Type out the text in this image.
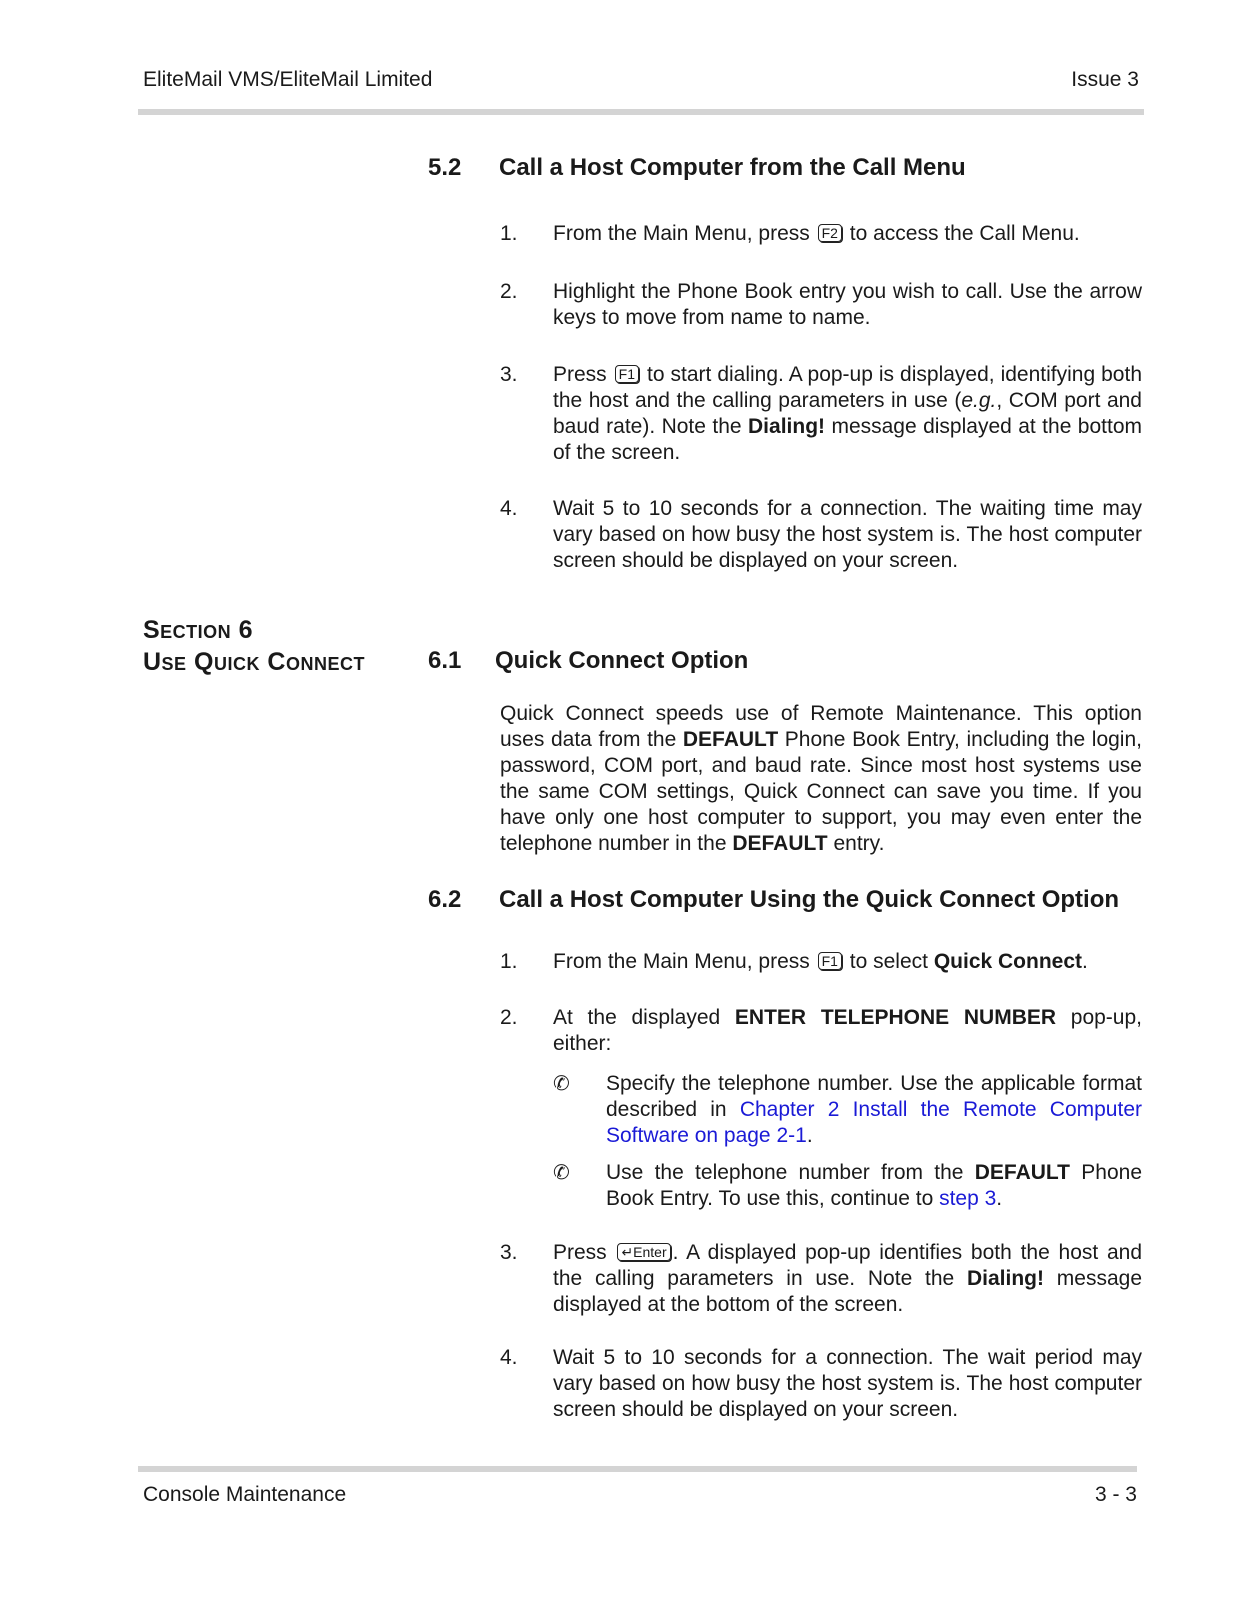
EliteMail VMS/EliteMail Limited	Issue 3
5.2 Call a Host Computer from the Call Menu
1. From the Main Menu, press F2 to access the Call Menu.
2. Highlight the Phone Book entry you wish to call. Use the arrow keys to move from name to name.
3. Press F1 to start dialing. A pop-up is displayed, identifying both the host and the calling parameters in use (e.g., COM port and baud rate). Note the Dialing! message displayed at the bottom of the screen.
4. Wait 5 to 10 seconds for a connection. The waiting time may vary based on how busy the host system is. The host computer screen should be displayed on your screen.
Section 6
Use Quick Connect	6.1 Quick Connect Option
Quick Connect speeds use of Remote Maintenance. This option uses data from the DEFAULT Phone Book Entry, including the login, password, COM port, and baud rate. Since most host systems use the same COM settings, Quick Connect can save you time. If you have only one host computer to support, you may even enter the telephone number in the DEFAULT entry.
6.2 Call a Host Computer Using the Quick Connect Option
1. From the Main Menu, press F1 to select Quick Connect.
2. At the displayed ENTER TELEPHONE NUMBER pop-up, either:
✆ Specify the telephone number. Use the applicable format described in Chapter 2 Install the Remote Computer Software on page 2-1.
✆ Use the telephone number from the DEFAULT Phone Book Entry. To use this, continue to step 3.
3. Press ↵Enter . A displayed pop-up identifies both the host and the calling parameters in use. Note the Dialing! message displayed at the bottom of the screen.
4. Wait 5 to 10 seconds for a connection. The wait period may vary based on how busy the host system is. The host computer screen should be displayed on your screen.
Console Maintenance	3 - 3
